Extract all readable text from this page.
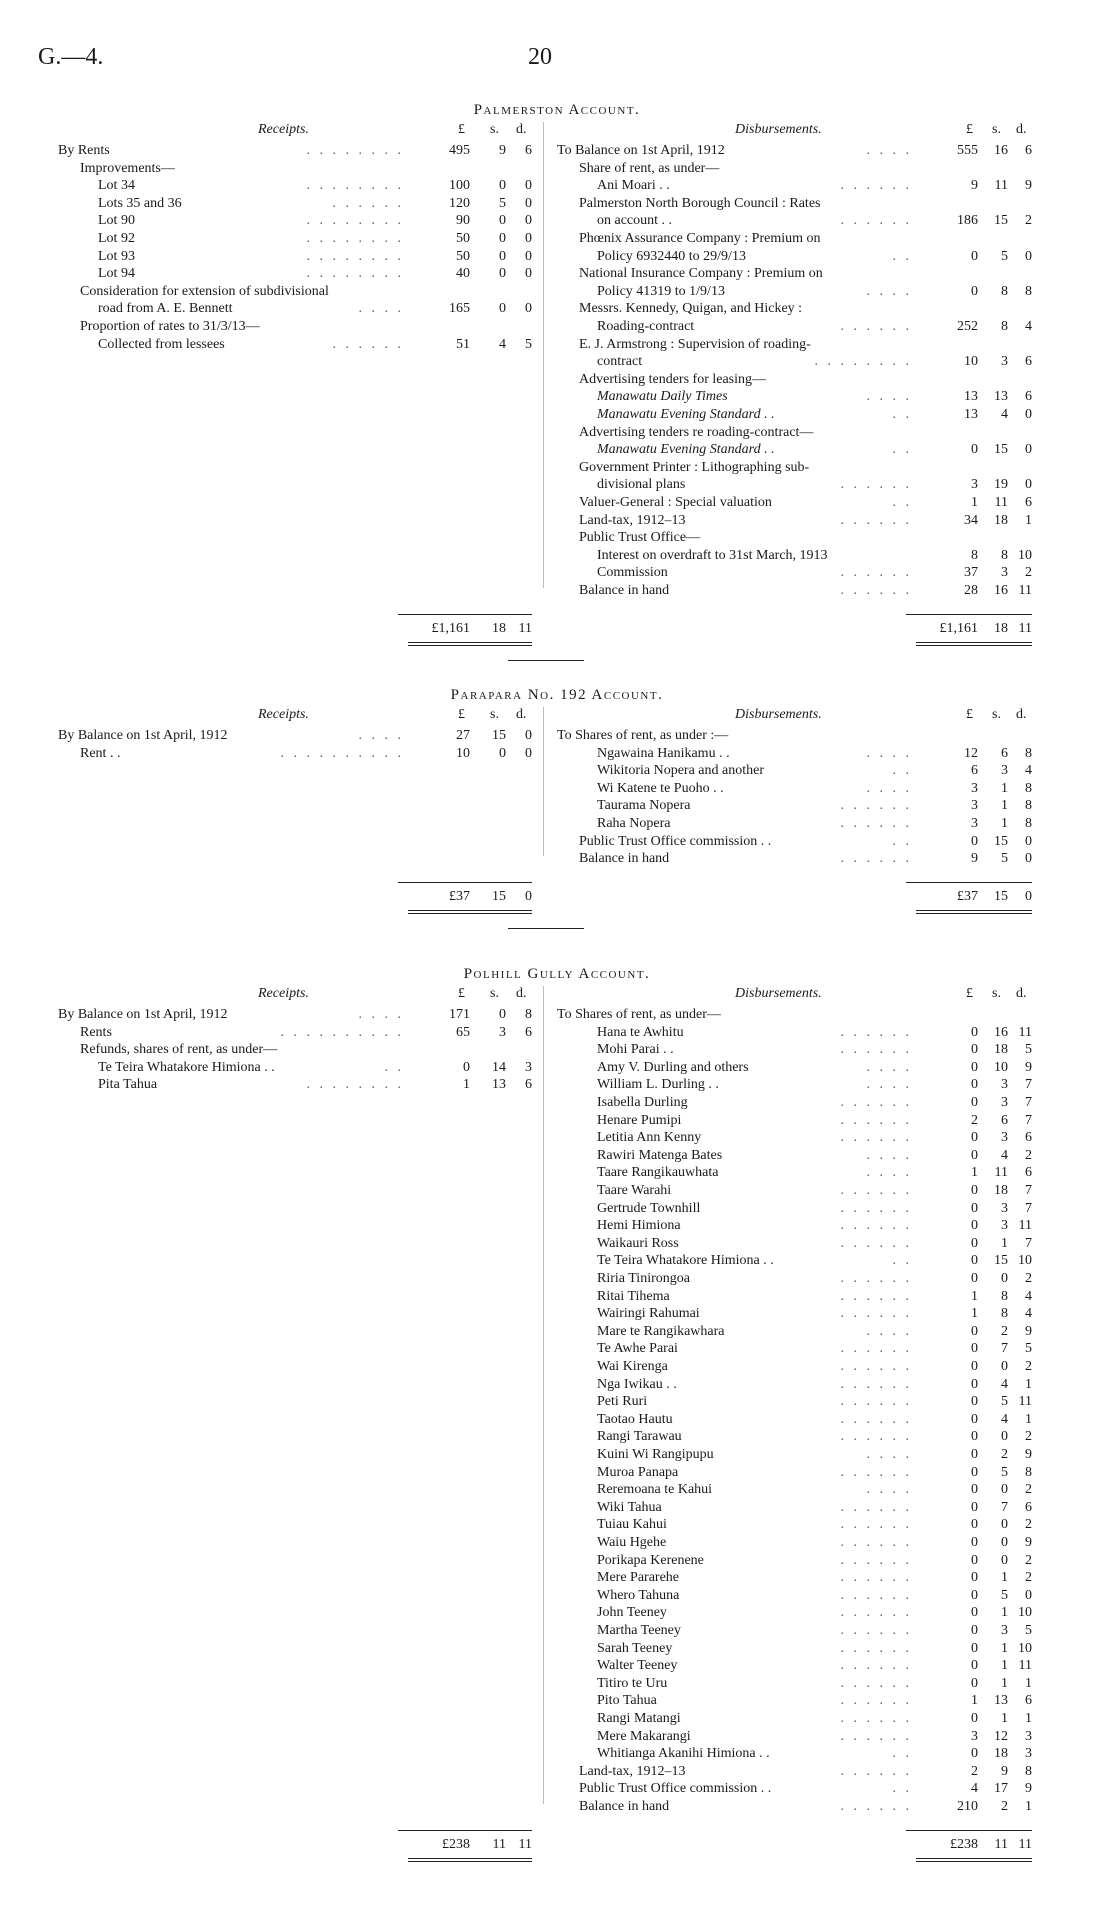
G.—4.	20
Palmerston Account.
Receipts.	Disbursements.
£ s. d.	£ s. d.
By Rents	. . . . . . . .	495	9	6
Improvements—
Lot 34	. . . . . . . .	100	0	0
Lots 35 and 36	. . . . . .	120	5	0
Lot 90	. . . . . . . .	90	0	0
Lot 92	. . . . . . . .	50	0	0
Lot 93	. . . . . . . .	50	0	0
Lot 94	. . . . . . . .	40	0	0
Consideration for extension of subdivisional
road from A. E. Bennett	. . . .	165	0	0
Proportion of rates to 31/3/13—
Collected from lessees	. . . . . .	51	4	5
To Balance on 1st April, 1912	. . . .	555	16	6
Share of rent, as under—
Ani Moari . .	. . . . . .	9	11	9
Palmerston North Borough Council : Rates
on account . .	. . . . . .	186	15	2
Phœnix Assurance Company : Premium on
Policy 6932440 to 29/9/13	. .	0	5	0
National Insurance Company : Premium on
Policy 41319 to 1/9/13	. . . .	0	8	8
Messrs. Kennedy, Quigan, and Hickey :
Roading-contract	. . . . . .	252	8	4
E. J. Armstrong : Supervision of roading-
contract	. . . . . . . .	10	3	6
Advertising tenders for leasing—
Manawatu Daily Times	. . . .	13	13	6
Manawatu Evening Standard . .	. .	13	4	0
Advertising tenders re roading-contract—
Manawatu Evening Standard . .	. .	0	15	0
Government Printer : Lithographing sub-
divisional plans	. . . . . .	3	19	0
Valuer-General : Special valuation	. .	1	11	6
Land-tax, 1912–13	. . . . . .	34	18	1
Public Trust Office—
Interest on overdraft to 31st March, 1913	8	8 10
Commission	. . . . . .	37	3	2
Balance in hand	. . . . . .	28	16 11
£1,161	18 11	£1,161	18 11
Parapara No. 192 Account.
Receipts.	Disbursements.
£ s. d.	£ s. d.
By Balance on 1st April, 1912	. . . .	27	15	0
Rent . .	. . . . . . . . . .	10	0	0
To Shares of rent, as under :—
Ngawaina Hanikamu . .	. . . .	12	6	8
Wikitoria Nopera and another	. .	6	3	4
Wi Katene te Puoho . .	. . . .	3	1	8
Taurama Nopera	. . . . . .	3	1	8
Raha Nopera	. . . . . .	3	1	8
Public Trust Office commission . .	. .	0	15	0
Balance in hand	. . . . . .	9	5	0
£37	15	0	£37	15	0
Polhill Gully Account.
Receipts.	Disbursements.
£ s. d.	£ s. d.
By Balance on 1st April, 1912	. . . .	171	0	8
Rents	. . . . . . . . . .	65	3	6
Refunds, shares of rent, as under—
Te Teira Whatakore Himiona . .	. .	0	14	3
Pita Tahua	. . . . . . . .	1	13	6
To Shares of rent, as under—
Hana te Awhitu	. . . . . .	0	16 11
Mohi Parai . .	. . . . . .	0	18	5
Amy V. Durling and others	. . . .	0	10	9
William L. Durling . .	. . . .	0	3	7
Isabella Durling	. . . . . .	0	3	7
Henare Pumipi	. . . . . .	2	6	7
Letitia Ann Kenny	. . . . . .	0	3	6
Rawiri Matenga Bates	. . . .	0	4	2
Taare Rangikauwhata	. . . .	1	11	6
Taare Warahi	. . . . . .	0	18	7
Gertrude Townhill	. . . . . .	0	3	7
Hemi Himiona	. . . . . .	0	3 11
Waikauri Ross	. . . . . .	0	1	7
Te Teira Whatakore Himiona . .	. .	0	15 10
Riria Tinirongoa	. . . . . .	0	0	2
Ritai Tihema	. . . . . .	1	8	4
Wairingi Rahumai	. . . . . .	1	8	4
Mare te Rangikawhara	. . . .	0	2	9
Te Awhe Parai	. . . . . .	0	7	5
Wai Kirenga	. . . . . .	0	0	2
Nga Iwikau . .	. . . . . .	0	4	1
Peti Ruri	. . . . . .	0	5 11
Taotao Hautu	. . . . . .	0	4	1
Rangi Tarawau	. . . . . .	0	0	2
Kuini Wi Rangipupu	. . . .	0	2	9
Muroa Panapa	. . . . . .	0	5	8
Reremoana te Kahui	. . . .	0	0	2
Wiki Tahua	. . . . . .	0	7	6
Tuiau Kahui	. . . . . .	0	0	2
Waiu Hgehe	. . . . . .	0	0	9
Porikapa Kerenene	. . . . . .	0	0	2
Mere Pararehe	. . . . . .	0	1	2
Whero Tahuna	. . . . . .	0	5	0
John Teeney	. . . . . .	0	1 10
Martha Teeney	. . . . . .	0	3	5
Sarah Teeney	. . . . . .	0	1 10
Walter Teeney	. . . . . .	0	1 11
Titiro te Uru	. . . . . .	0	1	1
Pito Tahua	. . . . . .	1	13	6
Rangi Matangi	. . . . . .	0	1	1
Mere Makarangi	. . . . . .	3	12	3
Whitianga Akanihi Himiona . .	. .	0	18	3
Land-tax, 1912–13	. . . . . .	2	9	8
Public Trust Office commission . .	. .	4	17	9
Balance in hand	. . . . . .	210	2	1
£238	11 11	£238	11 11
